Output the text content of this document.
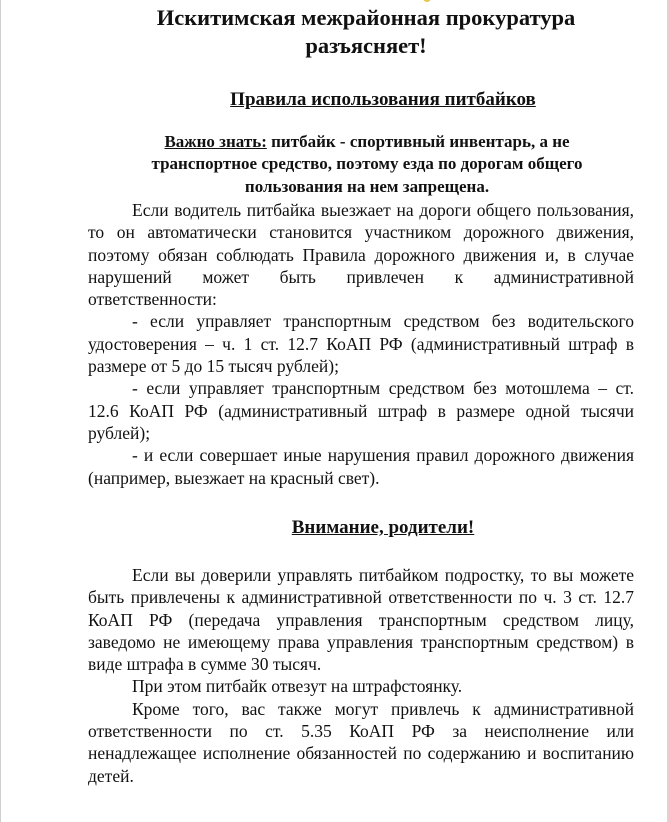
Искитимская межрайонная прокуратура
разъясняет!
Правила использования питбайков

Важно знать: питбайк - спортивный инвентарь, а не транспортное средство, поэтому езда по дорогам общего пользования на нем запрещена.

Если водитель питбайка выезжает на дороги общего пользования, то он автоматически становится участником дорожного движения, поэтому обязан соблюдать Правила дорожного движения и, в случае нарушений может быть привлечен к административной ответственности:

- если управляет транспортным средством без водительского удостоверения – ч. 1 ст. 12.7 КоАП РФ (административный штраф в размере от 5 до 15 тысяч рублей);

- если управляет транспортным средством без мотошлема – ст. 12.6 КоАП РФ (административный штраф в размере одной тысячи рублей);

- и если совершает иные нарушения правил дорожного движения (например, выезжает на красный свет).

Внимание, родители!

Если вы доверили управлять питбайком подростку, то вы можете быть привлечены к административной ответственности по ч. 3 ст. 12.7 КоАП РФ (передача управления транспортным средством лицу, заведомо не имеющему права управления транспортным средством) в виде штрафа в сумме 30 тысяч.

При этом питбайк отвезут на штрафстоянку.

Кроме того, вас также могут привлечь к административной ответственности по ст. 5.35 КоАП РФ за неисполнение или ненадлежащее исполнение обязанностей по содержанию и воспитанию детей.
